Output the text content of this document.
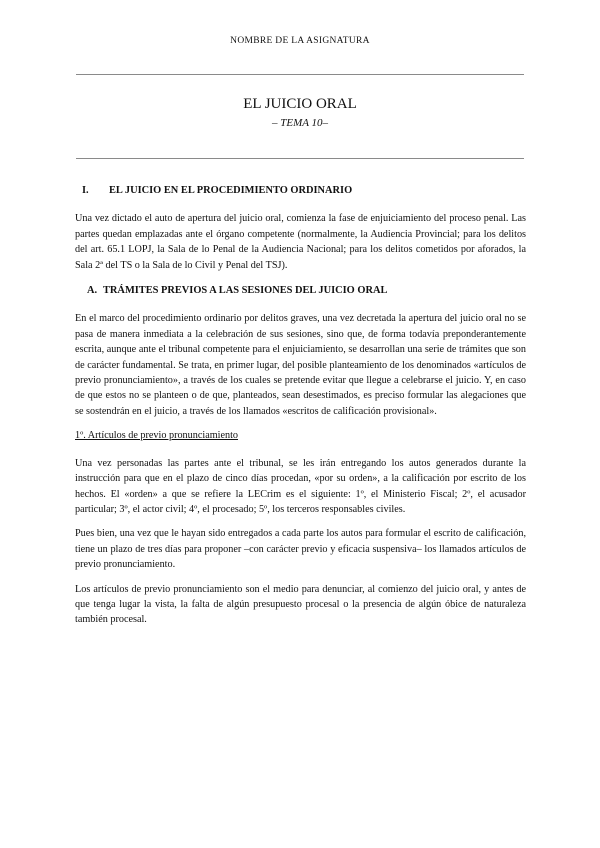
NOMBRE DE LA ASIGNATURA
EL JUICIO ORAL
– TEMA 10–
I.	EL JUICIO EN EL PROCEDIMIENTO ORDINARIO

Una vez dictado el auto de apertura del juicio oral, comienza la fase de enjuiciamiento del proceso penal. Las partes quedan emplazadas ante el órgano competente (normalmente, la Audiencia Provincial; para los delitos del art. 65.1 LOPJ, la Sala de lo Penal de la Audiencia Nacional; para los delitos cometidos por aforados, la Sala 2ª del TS o la Sala de lo Civil y Penal del TSJ).

A. TRÁMITES PREVIOS A LAS SESIONES DEL JUICIO ORAL

En el marco del procedimiento ordinario por delitos graves, una vez decretada la apertura del juicio oral no se pasa de manera inmediata a la celebración de sus sesiones, sino que, de forma todavía preponderantemente escrita, aunque ante el tribunal competente para el enjuiciamiento, se desarrollan una serie de trámites que son de carácter fundamental. Se trata, en primer lugar, del posible planteamiento de los denominados «artículos de previo pronunciamiento», a través de los cuales se pretende evitar que llegue a celebrarse el juicio. Y, en caso de que estos no se planteen o de que, planteados, sean desestimados, es preciso formular las alegaciones que se sostendrán en el juicio, a través de los llamados «escritos de calificación provisional».

1º. Artículos de previo pronunciamiento

Una vez personadas las partes ante el tribunal, se les irán entregando los autos generados durante la instrucción para que en el plazo de cinco días procedan, «por su orden», a la calificación por escrito de los hechos. El «orden» a que se refiere la LECrim es el siguiente: 1º, el Ministerio Fiscal; 2º, el acusador particular; 3º, el actor civil; 4º, el procesado; 5º, los terceros responsables civiles.

Pues bien, una vez que le hayan sido entregados a cada parte los autos para formular el escrito de calificación, tiene un plazo de tres días para proponer –con carácter previo y eficacia suspensiva– los llamados artículos de previo pronunciamiento.

Los artículos de previo pronunciamiento son el medio para denunciar, al comienzo del juicio oral, y antes de que tenga lugar la vista, la falta de algún presupuesto procesal o la presencia de algún óbice de naturaleza también procesal.
